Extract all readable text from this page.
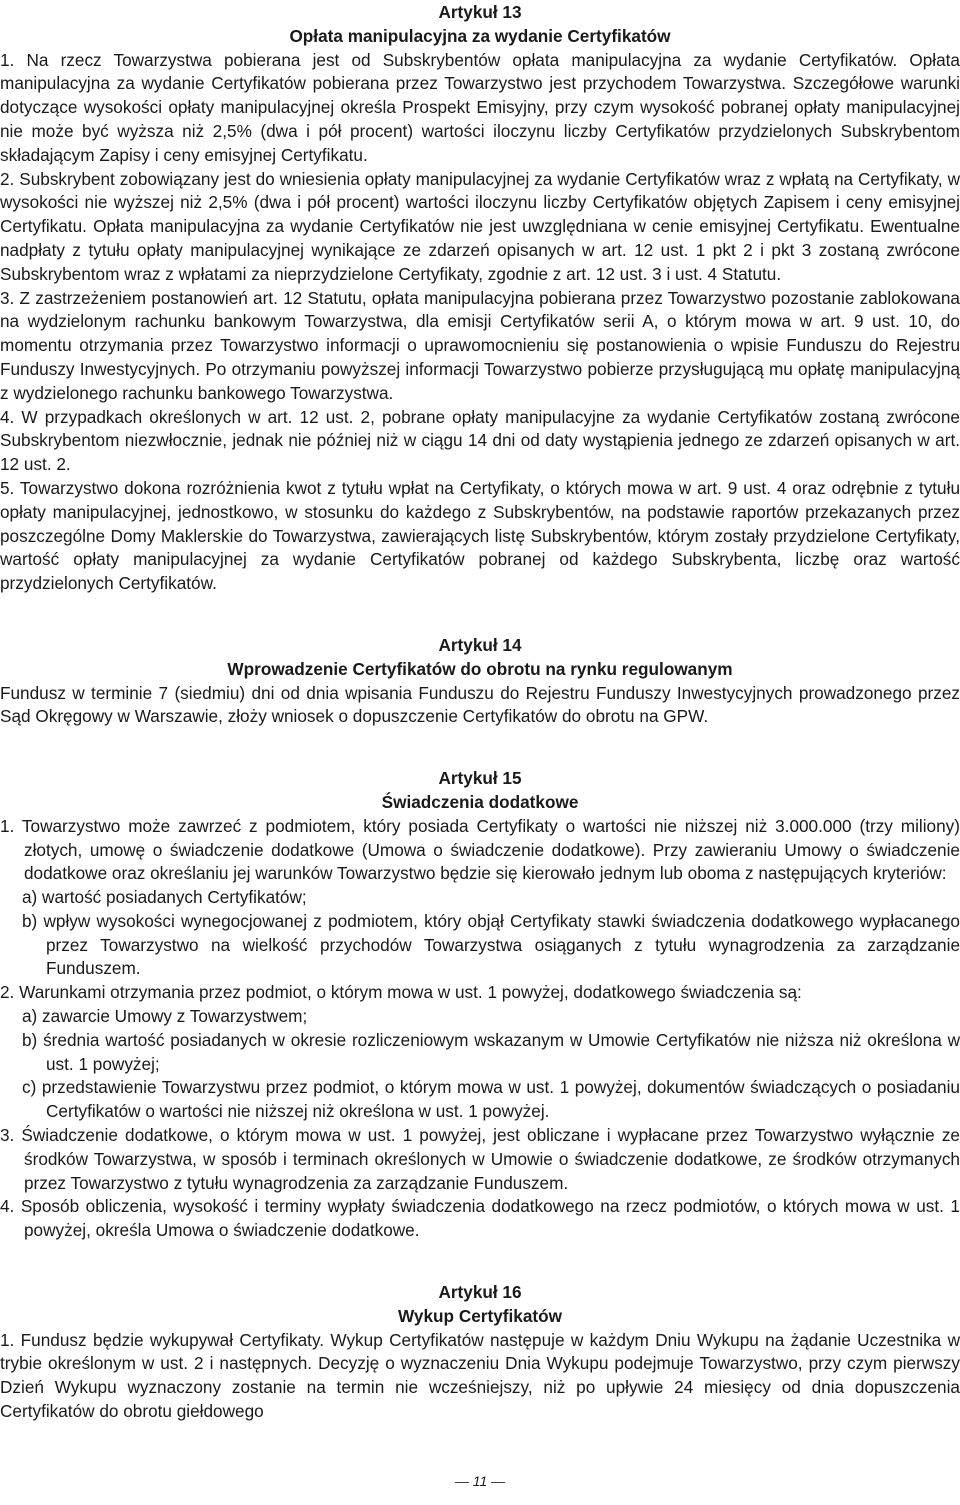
Artykuł 13
Opłata manipulacyjna za wydanie Certyfikatów

1. Na rzecz Towarzystwa pobierana jest od Subskrybentów opłata manipulacyjna za wydanie Certyfikatów. Opłata manipulacyjna za wydanie Certyfikatów pobierana przez Towarzystwo jest przychodem Towarzystwa. Szczegółowe warunki dotyczące wysokości opłaty manipulacyjnej określa Prospekt Emisyjny, przy czym wysokość pobranej opłaty manipulacyjnej nie może być wyższa niż 2,5% (dwa i pół procent) wartości iloczynu liczby Certyfikatów przydzielonych Subskrybentom składającym Zapisy i ceny emisyjnej Certyfikatu.

2. Subskrybent zobowiązany jest do wniesienia opłaty manipulacyjnej za wydanie Certyfikatów wraz z wpłatą na Certyfikaty, w wysokości nie wyższej niż 2,5% (dwa i pół procent) wartości iloczynu liczby Certyfikatów objętych Zapisem i ceny emisyjnej Certyfikatu. Opłata manipulacyjna za wydanie Certyfikatów nie jest uwzględniana w cenie emisyjnej Certyfikatu. Ewentualne nadpłaty z tytułu opłaty manipulacyjnej wynikające ze zdarzeń opisanych w art. 12 ust. 1 pkt 2 i pkt 3 zostaną zwrócone Subskrybentom wraz z wpłatami za nieprzydzielone Certyfikaty, zgodnie z art. 12 ust. 3 i ust. 4 Statutu.

3. Z zastrzeżeniem postanowień art. 12 Statutu, opłata manipulacyjna pobierana przez Towarzystwo pozostanie zablokowana na wydzielonym rachunku bankowym Towarzystwa, dla emisji Certyfikatów serii A, o którym mowa w art. 9 ust. 10, do momentu otrzymania przez Towarzystwo informacji o uprawomocnieniu się postanowienia o wpisie Funduszu do Rejestru Funduszy Inwestycyjnych. Po otrzymaniu powyższej informacji Towarzystwo pobierze przysługującą mu opłatę manipulacyjną z wydzielonego rachunku bankowego Towarzystwa.

4. W przypadkach określonych w art. 12 ust. 2, pobrane opłaty manipulacyjne za wydanie Certyfikatów zostaną zwrócone Subskrybentom niezwłocznie, jednak nie później niż w ciągu 14 dni od daty wystąpienia jednego ze zdarzeń opisanych w art. 12 ust. 2.

5. Towarzystwo dokona rozróżnienia kwot z tytułu wpłat na Certyfikaty, o których mowa w art. 9 ust. 4 oraz odrębnie z tytułu opłaty manipulacyjnej, jednostkowo, w stosunku do każdego z Subskrybentów, na podstawie raportów przekazanych przez poszczególne Domy Maklerskie do Towarzystwa, zawierających listę Subskrybentów, którym zostały przydzielone Certyfikaty, wartość opłaty manipulacyjnej za wydanie Certyfikatów pobranej od każdego Subskrybenta, liczbę oraz wartość przydzielonych Certyfikatów.

Artykuł 14
Wprowadzenie Certyfikatów do obrotu na rynku regulowanym

Fundusz w terminie 7 (siedmiu) dni od dnia wpisania Funduszu do Rejestru Funduszy Inwestycyjnych prowadzonego przez Sąd Okręgowy w Warszawie, złoży wniosek o dopuszczenie Certyfikatów do obrotu na GPW.

Artykuł 15
Świadczenia dodatkowe

1. Towarzystwo może zawrzeć z podmiotem, który posiada Certyfikaty o wartości nie niższej niż 3.000.000 (trzy miliony) złotych, umowę o świadczenie dodatkowe (Umowa o świadczenie dodatkowe). Przy zawieraniu Umowy o świadczenie dodatkowe oraz określaniu jej warunków Towarzystwo będzie się kierowało jednym lub oboma z następujących kryteriów:

a) wartość posiadanych Certyfikatów;

b) wpływ wysokości wynegocjowanej z podmiotem, który objął Certyfikaty stawki świadczenia dodatkowego wypłacanego przez Towarzystwo na wielkość przychodów Towarzystwa osiąganych z tytułu wynagrodzenia za zarządzanie Funduszem.

2. Warunkami otrzymania przez podmiot, o którym mowa w ust. 1 powyżej, dodatkowego świadczenia są:

a) zawarcie Umowy z Towarzystwem;

b) średnia wartość posiadanych w okresie rozliczeniowym wskazanym w Umowie Certyfikatów nie niższa niż określona w ust. 1 powyżej;

c) przedstawienie Towarzystwu przez podmiot, o którym mowa w ust. 1 powyżej, dokumentów świadczących o posiadaniu Certyfikatów o wartości nie niższej niż określona w ust. 1 powyżej.

3. Świadczenie dodatkowe, o którym mowa w ust. 1 powyżej, jest obliczane i wypłacane przez Towarzystwo wyłącznie ze środków Towarzystwa, w sposób i terminach określonych w Umowie o świadczenie dodatkowe, ze środków otrzymanych przez Towarzystwo z tytułu wynagrodzenia za zarządzanie Funduszem.

4. Sposób obliczenia, wysokość i terminy wypłaty świadczenia dodatkowego na rzecz podmiotów, o których mowa w ust. 1 powyżej, określa Umowa o świadczenie dodatkowe.

Artykuł 16
Wykup Certyfikatów

1. Fundusz będzie wykupywał Certyfikaty. Wykup Certyfikatów następuje w każdym Dniu Wykupu na żądanie Uczestnika w trybie określonym w ust. 2 i następnych. Decyzję o wyznaczeniu Dnia Wykupu podejmuje Towarzystwo, przy czym pierwszy Dzień Wykupu wyznaczony zostanie na termin nie wcześniejszy, niż po upływie 24 miesięcy od dnia dopuszczenia Certyfikatów do obrotu giełdowego

— 11 —
